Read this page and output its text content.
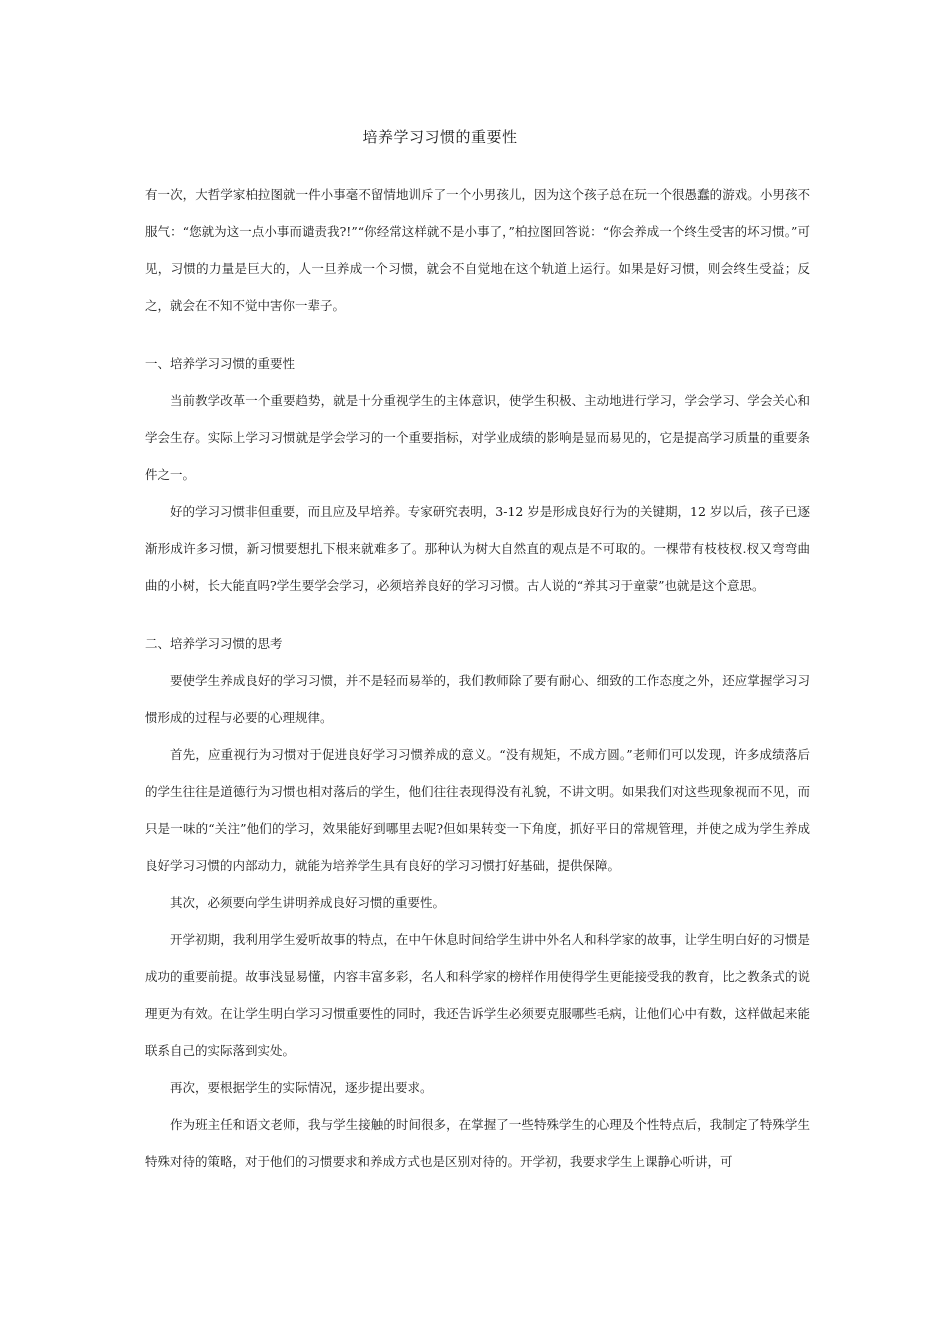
培养学习习惯的重要性

有一次，大哲学家柏拉图就一件小事毫不留情地训斥了一个小男孩儿，因为这个孩子总在玩一个很愚蠢的游戏。小男孩不服气：“您就为这一点小事而谴责我?!”“你经常这样就不是小事了，”柏拉图回答说：“你会养成一个终生受害的坏习惯。”可见，习惯的力量是巨大的，人一旦养成一个习惯，就会不自觉地在这个轨道上运行。如果是好习惯，则会终生受益；反之，就会在不知不觉中害你一辈子。

一、培养学习习惯的重要性

当前教学改革一个重要趋势，就是十分重视学生的主体意识，使学生积极、主动地进行学习，学会学习、学会关心和学会生存。实际上学习习惯就是学会学习的一个重要指标，对学业成绩的影响是显而易见的，它是提高学习质量的重要条件之一。

好的学习习惯非但重要，而且应及早培养。专家研究表明，3-12 岁是形成良好行为的关键期，12 岁以后，孩子已逐渐形成许多习惯，新习惯要想扎下根来就难多了。那种认为树大自然直的观点是不可取的。一棵带有枝枝杈.杈又弯弯曲曲的小树，长大能直吗?学生要学会学习，必须培养良好的学习习惯。古人说的“养其习于童蒙”也就是这个意思。

二、培养学习习惯的思考

要使学生养成良好的学习习惯，并不是轻而易举的，我们教师除了要有耐心、细致的工作态度之外，还应掌握学习习惯形成的过程与必要的心理规律。

首先，应重视行为习惯对于促进良好学习习惯养成的意义。“没有规矩，不成方圆。”老师们可以发现，许多成绩落后的学生往往是道德行为习惯也相对落后的学生，他们往往表现得没有礼貌，不讲文明。如果我们对这些现象视而不见，而只是一味的“关注”他们的学习，效果能好到哪里去呢?但如果转变一下角度，抓好平日的常规管理，并使之成为学生养成良好学习习惯的内部动力，就能为培养学生具有良好的学习习惯打好基础，提供保障。

其次，必须要向学生讲明养成良好习惯的重要性。

开学初期，我利用学生爱听故事的特点，在中午休息时间给学生讲中外名人和科学家的故事，让学生明白好的习惯是成功的重要前提。故事浅显易懂，内容丰富多彩，名人和科学家的榜样作用使得学生更能接受我的教育，比之教条式的说理更为有效。在让学生明白学习习惯重要性的同时，我还告诉学生必须要克服哪些毛病，让他们心中有数，这样做起来能联系自己的实际落到实处。

再次，要根据学生的实际情况，逐步提出要求。

作为班主任和语文老师，我与学生接触的时间很多，在掌握了一些特殊学生的心理及个性特点后，我制定了特殊学生特殊对待的策略，对于他们的习惯要求和养成方式也是区别对待的。开学初，我要求学生上课静心听讲，可
